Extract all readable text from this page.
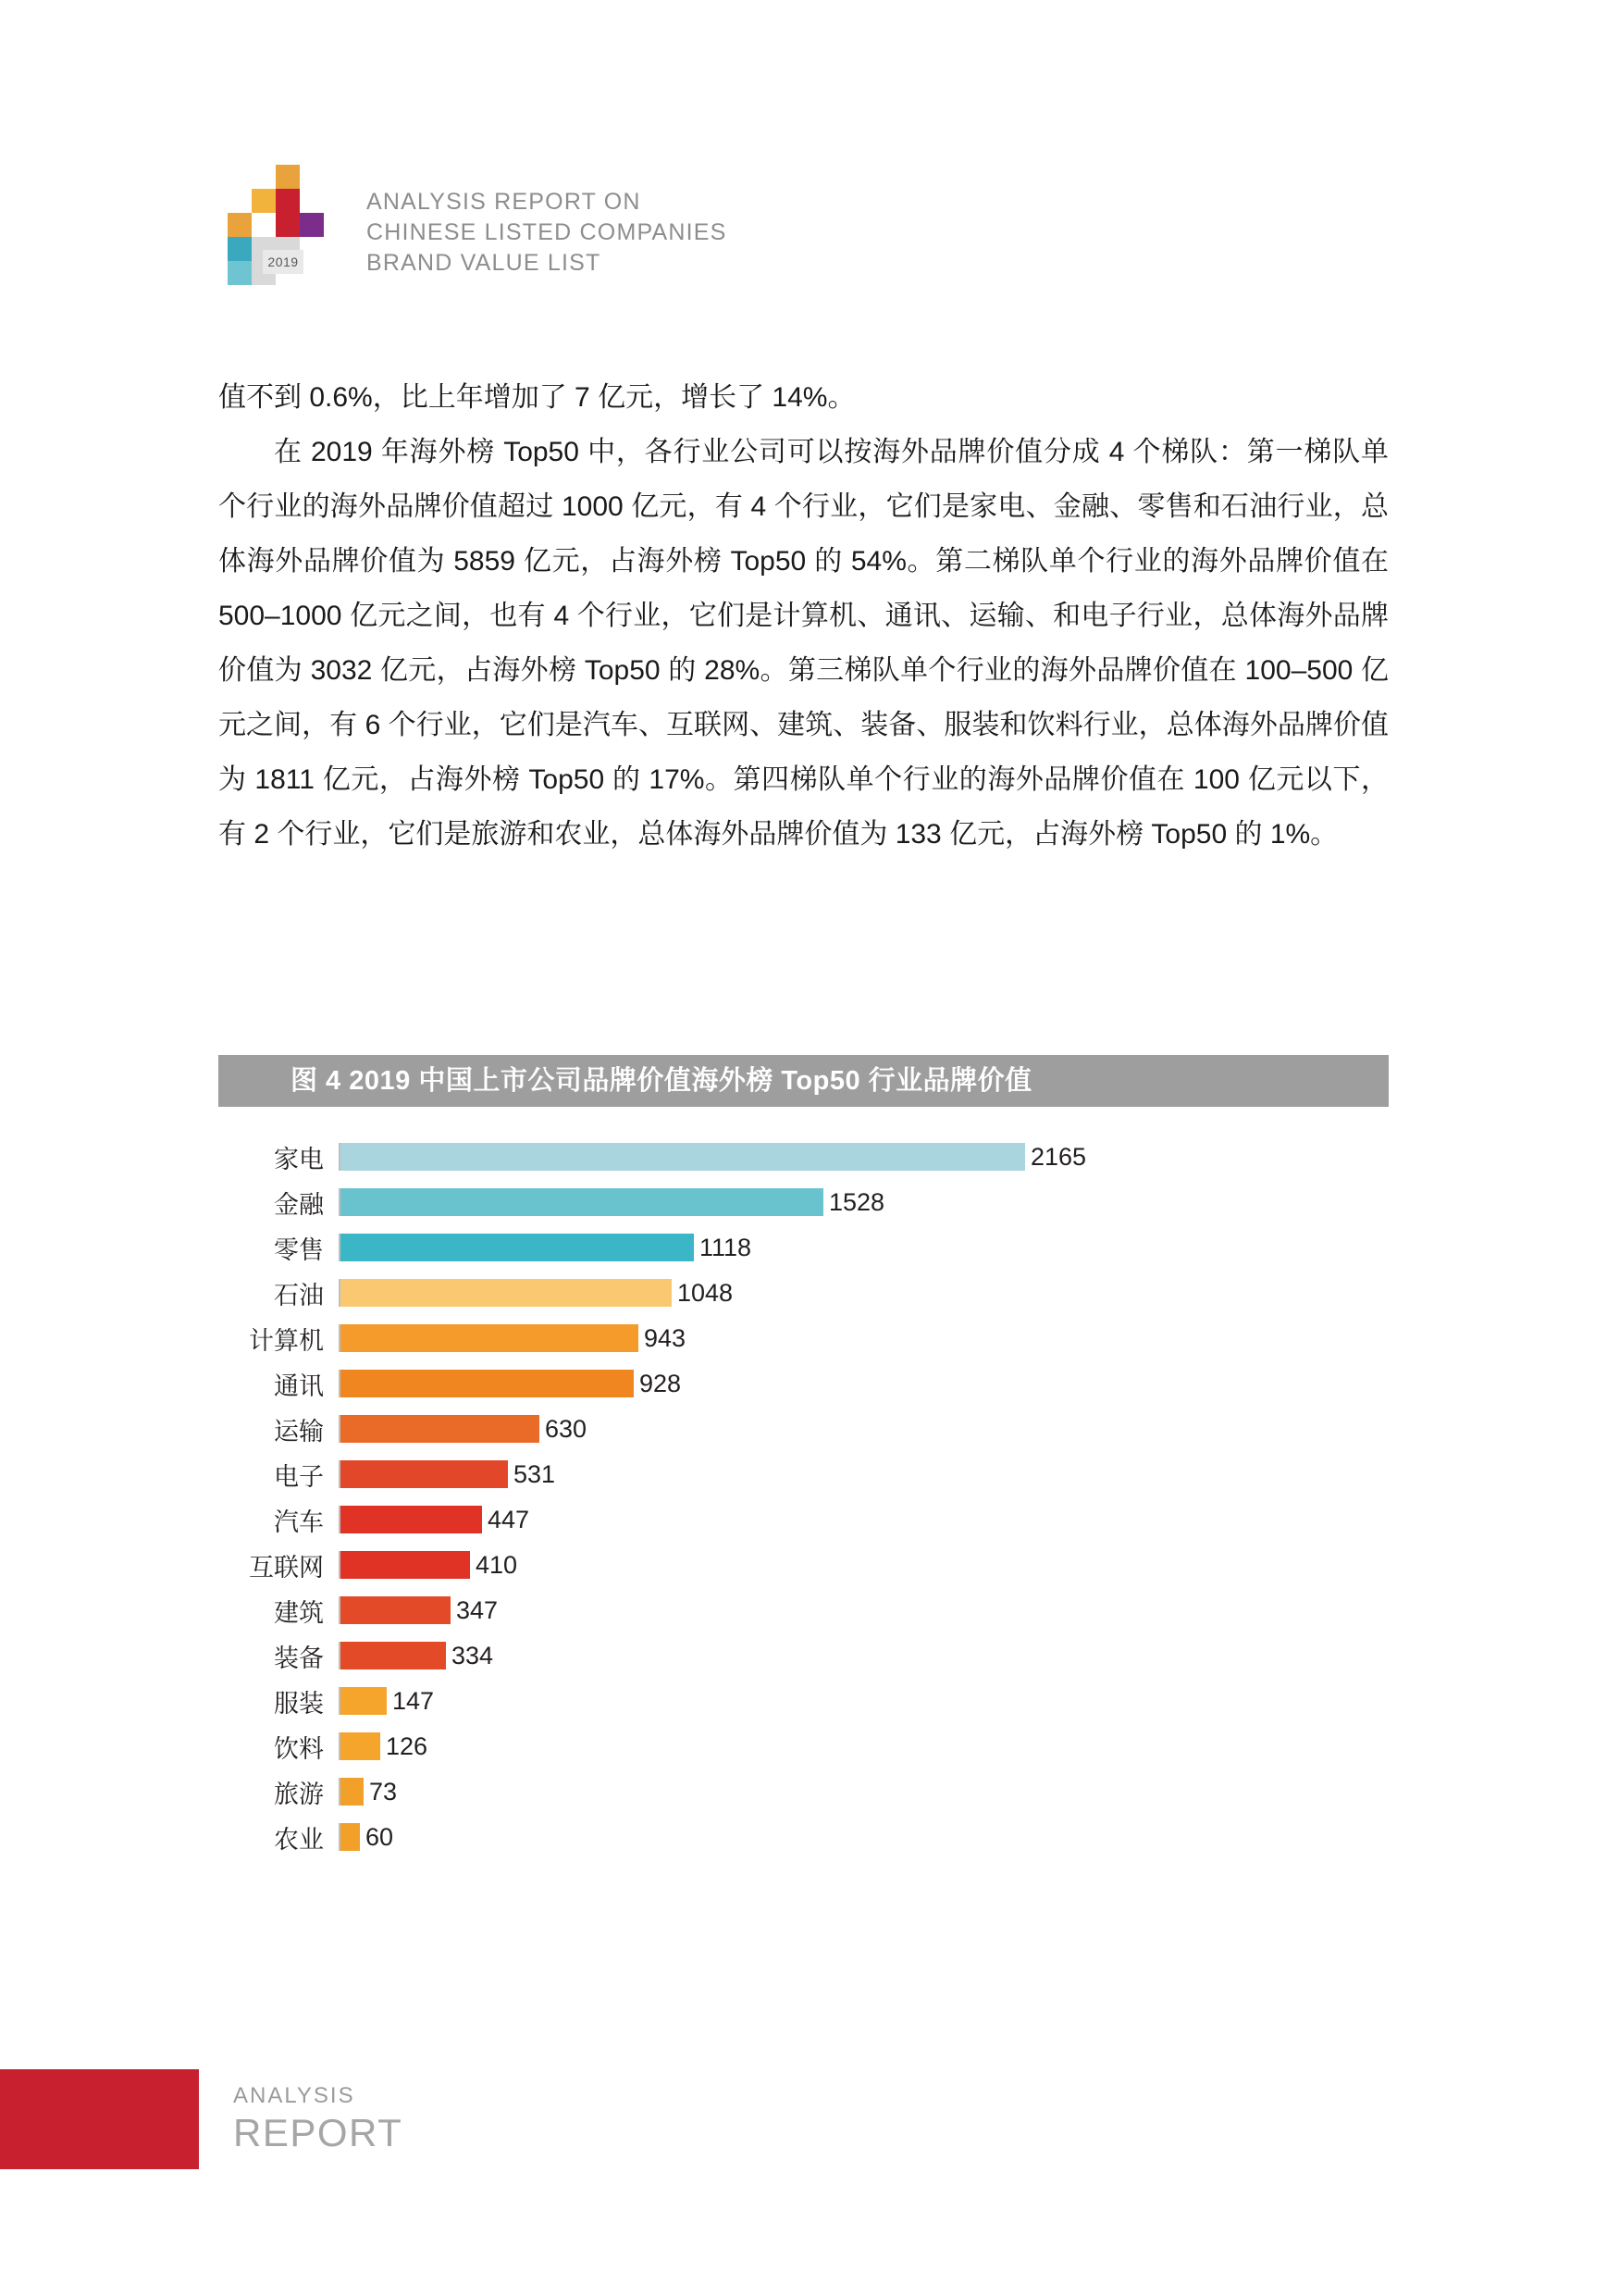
2019
ANALYSIS REPORT ON
CHINESE LISTED COMPANIES
BRAND VALUE LIST

值不到 0.6%，比上年增加了 7 亿元，增长了 14%。

在 2019 年海外榜 Top50 中，各行业公司可以按海外品牌价值分成 4 个梯队：第一梯队单个行业的海外品牌价值超过 1000 亿元，有 4 个行业，它们是家电、金融、零售和石油行业，总体海外品牌价值为 5859 亿元，占海外榜 Top50 的 54%。第二梯队单个行业的海外品牌价值在 500–1000 亿元之间，也有 4 个行业，它们是计算机、通讯、运输、和电子行业，总体海外品牌价值为 3032 亿元，占海外榜 Top50 的 28%。第三梯队单个行业的海外品牌价值在 100–500 亿元之间，有 6 个行业，它们是汽车、互联网、建筑、装备、服装和饮料行业，总体海外品牌价值为 1811 亿元，占海外榜 Top50 的 17%。第四梯队单个行业的海外品牌价值在 100 亿元以下，有 2 个行业，它们是旅游和农业，总体海外品牌价值为 133 亿元，占海外榜 Top50 的 1%。

图 4 2019 中国上市公司品牌价值海外榜 Top50 行业品牌价值
家电	2165
金融	1528
零售	1118
石油	1048
计算机	943
通讯	928
运输	630
电子	531
汽车	447
互联网	410
建筑	347
装备	334
服装	147
饮料	126
旅游	73
农业	60
ANALYSIS
REPORT
